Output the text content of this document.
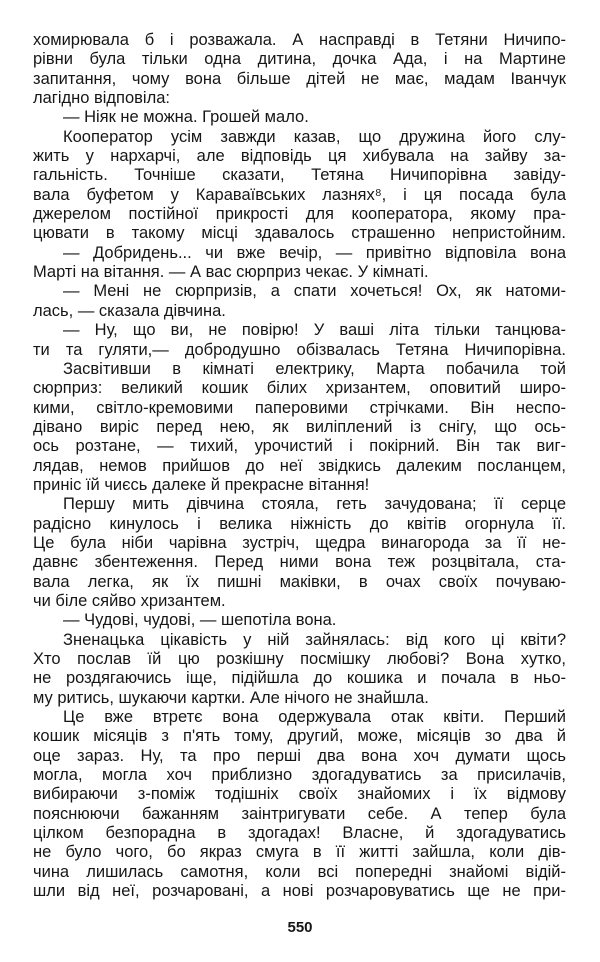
хомирювала б і розважала. А насправді в Тетяни Ничипо-
рівни була тільки одна дитина, дочка Ада, і на Мартине
запитання, чому вона більше дітей не має, мадам Іванчук
лагідно відповіла:
— Ніяк не можна. Грошей мало.
Кооператор усім завжди казав, що дружина його слу-
жить у нархарчі, але відповідь ця хибувала на зайву за-
гальність. Точніше сказати, Тетяна Ничипорівна завіду-
вала буфетом у Караваївських лазнях⁸, і ця посада була
джерелом постійної прикрості для кооператора, якому пра-
цювати в такому місці здавалось страшенно непристойним.
— Добридень... чи вже вечір, — привітно відповіла вона
Марті на вітання. — А вас сюрприз чекає. У кімнаті.
— Мені не сюрпризів, а спати хочеться! Ох, як натоми-
лась, — сказала дівчина.
— Ну, що ви, не повірю! У ваші літа тільки танцюва-
ти та гуляти,— добродушно обізвалась Тетяна Ничипорівна.
Засвітивши в кімнаті електрику, Марта побачила той
сюрприз: великий кошик білих хризантем, оповитий широ-
кими, світло-кремовими паперовими стрічками. Він неспо-
дівано виріс перед нею, як виліплений із снігу, що ось-
ось розтане, — тихий, урочистий і покірний. Він так виг-
лядав, немов прийшов до неї звідкись далеким посланцем,
приніс їй чиєсь далеке й прекрасне вітання!
Першу мить дівчина стояла, геть зачудована; її серце
радісно кинулось і велика ніжність до квітів огорнула її.
Це була ніби чарівна зустріч, щедра винагорода за її не-
давнє збентеження. Перед ними вона теж розцвітала, ста-
вала легка, як їх пишні маківки, в очах своїх почуваю-
чи біле сяйво хризантем.
— Чудові, чудові, — шепотіла вона.
Зненацька цікавість у ній зайнялась: від кого ці квіти?
Хто послав їй цю розкішну посмішку любові? Вона хутко,
не роздягаючись іще, підійшла до кошика и почала в ньо-
му ритись, шукаючи картки. Але нічого не знайшла.
Це вже втретє вона одержувала отак квіти. Перший
кошик місяців з п'ять тому, другий, може, місяців зо два й
оце зараз. Ну, та про перші два вона хоч думати щось
могла, могла хоч приблизно здогадуватись за присилачів,
вибираючи з-поміж тодішніх своїх знайомих і їх відмову
пояснюючи бажанням заінтригувати себе. А тепер була
цілком безпорадна в здогадах! Власне, й здогадуватись
не було чого, бо якраз смуга в її житті зайшла, коли дів-
чина лишилась самотня, коли всі попередні знайомі відій-
шли від неї, розчаровані, а нові розчаровуватись ще не при-
550
